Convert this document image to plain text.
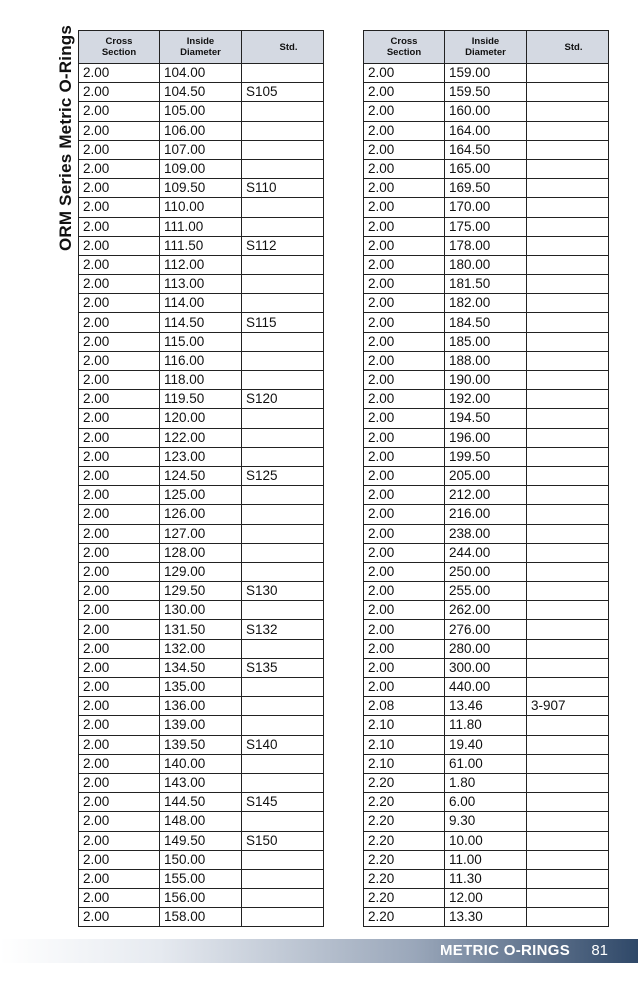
ORM Series Metric O-Rings	Cross
Section	Inside
Diameter	Std.
2.00	104.00	
2.00	104.50	S105
2.00	105.00	
2.00	106.00	
2.00	107.00	
2.00	109.00	
2.00	109.50	S110
2.00	110.00	
2.00	111.00	
2.00	111.50	S112
2.00	112.00	
2.00	113.00	
2.00	114.00	
2.00	114.50	S115
2.00	115.00	
2.00	116.00	
2.00	118.00	
2.00	119.50	S120
2.00	120.00	
2.00	122.00	
2.00	123.00	
2.00	124.50	S125
2.00	125.00	
2.00	126.00	
2.00	127.00	
2.00	128.00	
2.00	129.00	
2.00	129.50	S130
2.00	130.00	
2.00	131.50	S132
2.00	132.00	
2.00	134.50	S135
2.00	135.00	
2.00	136.00	
2.00	139.00	
2.00	139.50	S140
2.00	140.00	
2.00	143.00	
2.00	144.50	S145
2.00	148.00	
2.00	149.50	S150
2.00	150.00	
2.00	155.00	
2.00	156.00	
2.00	158.00	
Cross
Section	Inside
Diameter	Std.
2.00	159.00	
2.00	159.50	
2.00	160.00	
2.00	164.00	
2.00	164.50	
2.00	165.00	
2.00	169.50	
2.00	170.00	
2.00	175.00	
2.00	178.00	
2.00	180.00	
2.00	181.50	
2.00	182.00	
2.00	184.50	
2.00	185.00	
2.00	188.00	
2.00	190.00	
2.00	192.00	
2.00	194.50	
2.00	196.00	
2.00	199.50	
2.00	205.00	
2.00	212.00	
2.00	216.00	
2.00	238.00	
2.00	244.00	
2.00	250.00	
2.00	255.00	
2.00	262.00	
2.00	276.00	
2.00	280.00	
2.00	300.00	
2.00	440.00	
2.08	13.46	3-907
2.10	11.80	
2.10	19.40	
2.10	61.00	
2.20	1.80	
2.20	6.00	
2.20	9.30	
2.20	10.00	
2.20	11.00	
2.20	11.30	
2.20	12.00	
2.20	13.30	
METRIC O-RINGS 81
